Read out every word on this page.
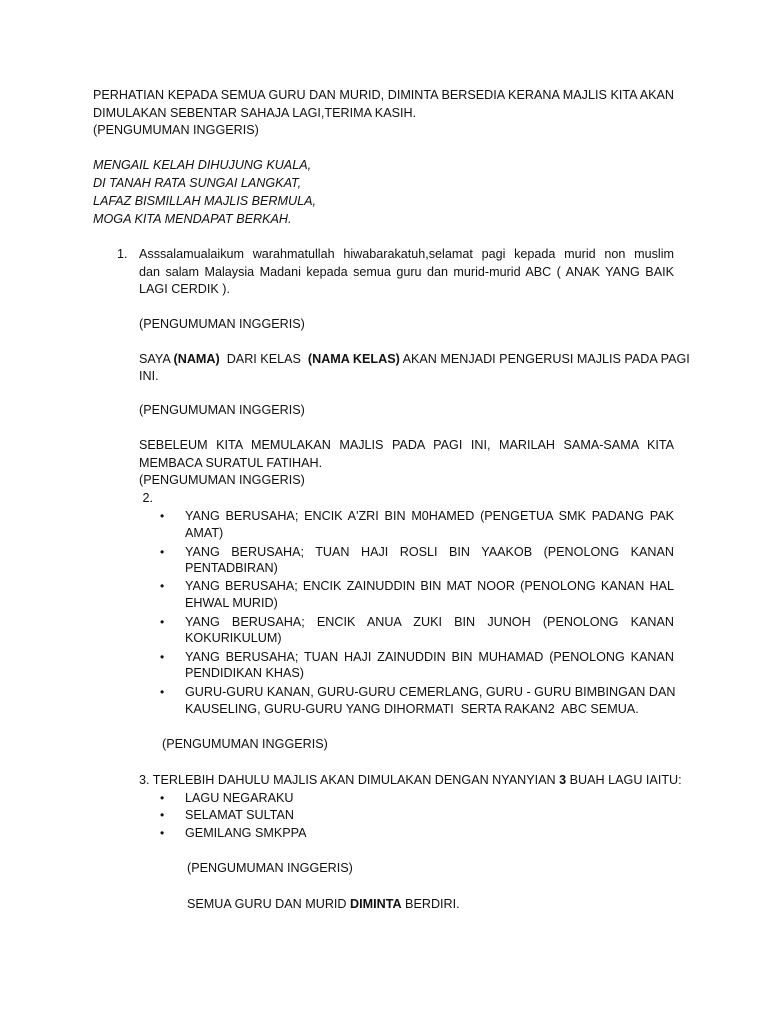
PERHATIAN KEPADA SEMUA GURU DAN MURID, DIMINTA BERSEDIA KERANA MAJLIS KITA AKAN
DIMULAKAN SEBENTAR SAHAJA LAGI,TERIMA KASIH.
(PENGUMUMAN INGGERIS)
MENGAIL KELAH DIHUJUNG KUALA,
DI TANAH RATA SUNGAI LANGKAT,
LAFAZ BISMILLAH MAJLIS BERMULA,
MOGA KITA MENDAPAT BERKAH.
1. Asssalamualaikum warahmatullah hiwabarakatuh,selamat pagi kepada murid non muslim
dan salam Malaysia Madani kepada semua guru dan murid-murid ABC ( ANAK YANG BAIK
LAGI CERDIK ).
(PENGUMUMAN INGGERIS)
SAYA (NAMA)  DARI KELAS  (NAMA KELAS) AKAN MENJADI PENGERUSI MAJLIS PADA PAGI
INI.
(PENGUMUMAN INGGERIS)
SEBELEUM KITA MEMULAKAN MAJLIS PADA PAGI INI, MARILAH SAMA-SAMA KITA
MEMBACA SURATUL FATIHAH.
(PENGUMUMAN INGGERIS)
2.
• YANG BERUSAHA; ENCIK A'ZRI BIN M0HAMED (PENGETUA SMK PADANG PAK
AMAT)
• YANG BERUSAHA; TUAN HAJI ROSLI BIN YAAKOB (PENOLONG KANAN
PENTADBIRAN)
• YANG BERUSAHA; ENCIK ZAINUDDIN BIN MAT NOOR (PENOLONG KANAN HAL
EHWAL MURID)
• YANG BERUSAHA; ENCIK ANUA ZUKI BIN JUNOH (PENOLONG KANAN
KOKURIKULUM)
• YANG BERUSAHA; TUAN HAJI ZAINUDDIN BIN MUHAMAD (PENOLONG KANAN
PENDIDIKAN KHAS)
• GURU-GURU KANAN, GURU-GURU CEMERLANG, GURU - GURU BIMBINGAN DAN
KAUSELING, GURU-GURU YANG DIHORMATI  SERTA RAKAN2  ABC SEMUA.
(PENGUMUMAN INGGERIS)
3. TERLEBIH DAHULU MAJLIS AKAN DIMULAKAN DENGAN NYANYIAN 3 BUAH LAGU IAITU:
• LAGU NEGARAKU
• SELAMAT SULTAN
• GEMILANG SMKPPA
(PENGUMUMAN INGGERIS)
SEMUA GURU DAN MURID DIMINTA BERDIRI.
